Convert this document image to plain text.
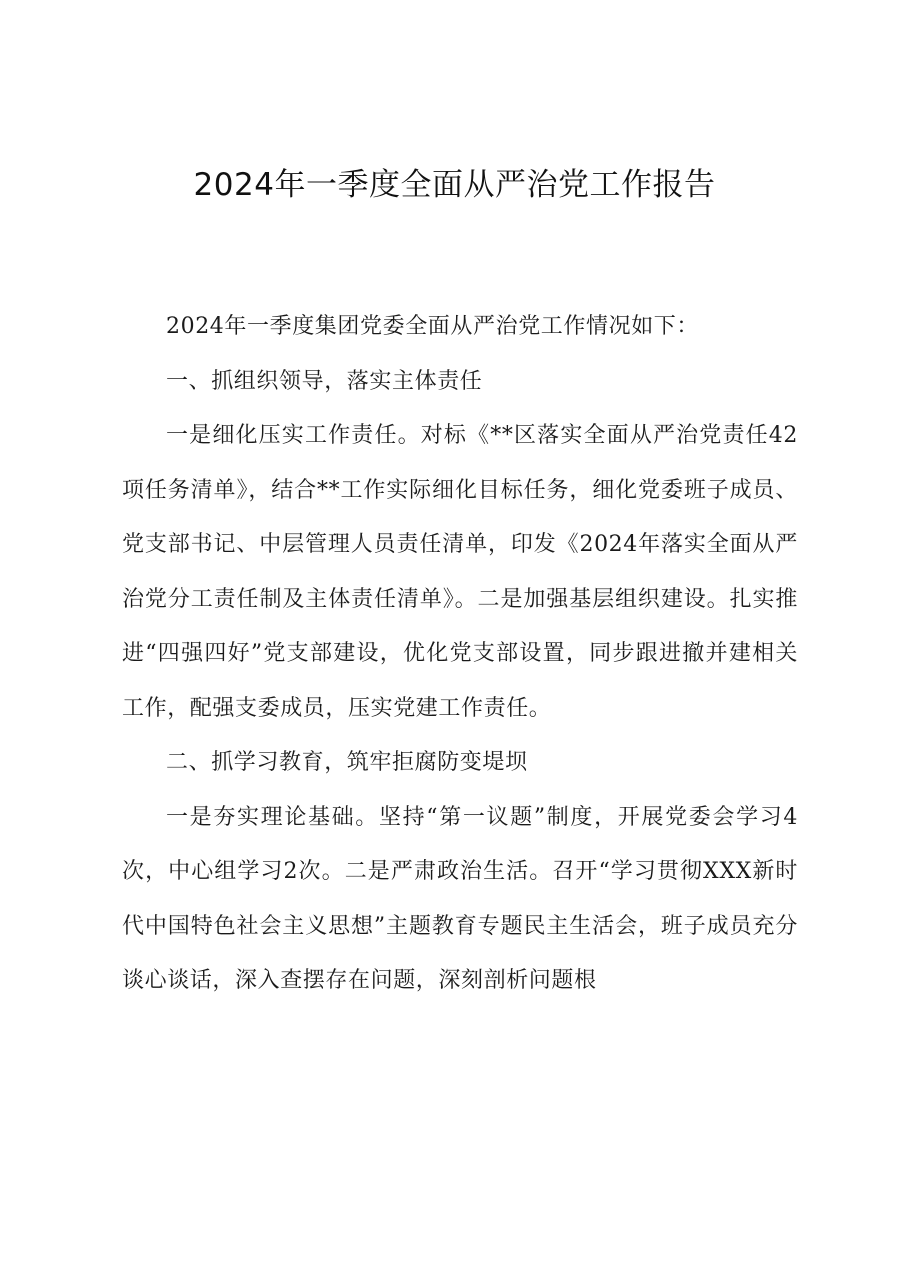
2024年一季度全面从严治党工作报告

2024年一季度集团党委全面从严治党工作情况如下：

一、抓组织领导，落实主体责任

一是细化压实工作责任。对标《**区落实全面从严治党责任42项任务清单》，结合**工作实际细化目标任务，细化党委班子成员、党支部书记、中层管理人员责任清单，印发《2024年落实全面从严治党分工责任制及主体责任清单》。二是加强基层组织建设。扎实推进“四强四好”党支部建设，优化党支部设置，同步跟进撤并建相关工作，配强支委成员，压实党建工作责任。

二、抓学习教育，筑牢拒腐防变堤坝

一是夯实理论基础。坚持“第一议题”制度，开展党委会学习4次，中心组学习2次。二是严肃政治生活。召开“学习贯彻XXX新时代中国特色社会主义思想”主题教育专题民主生活会，班子成员充分谈心谈话，深入查摆存在问题，深刻剖析问题根
